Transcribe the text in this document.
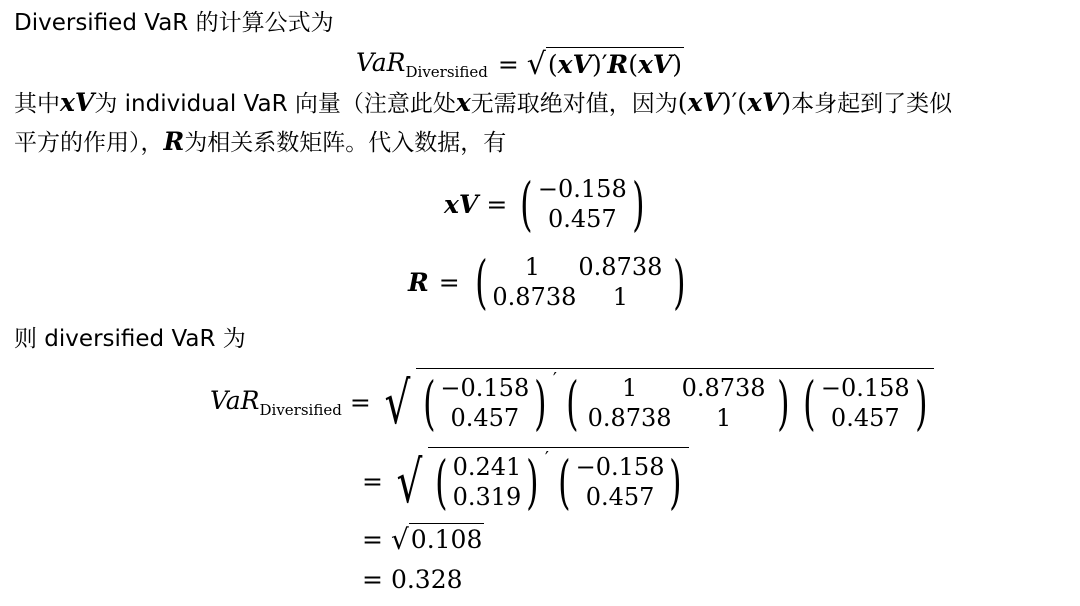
Diversified VaR 的计算公式为
VaR$_{Diversified}$ = √ ( xV )′ R ( xV )
其中xV为 individual VaR 向量（注意此处x无需取绝对值，因为(xV)′(xV)本身起到了类似
平方的作用），R为相关系数矩阵。代入数据，有
xV = ( −0.158
0.457 )
R = (	1
0.8738
0.8738
1 )
则 diversified VaR 为
VaR$_{Diversified}$ = √ ( −0.158
0.457 ) ′ (	1
0.8738
0.8738
1 ) ( −0.158
0.457 )
= √ ( 0.241
0.319 ) ′ ( −0.158
0.457 )
= √ 0.108
= 0.328
